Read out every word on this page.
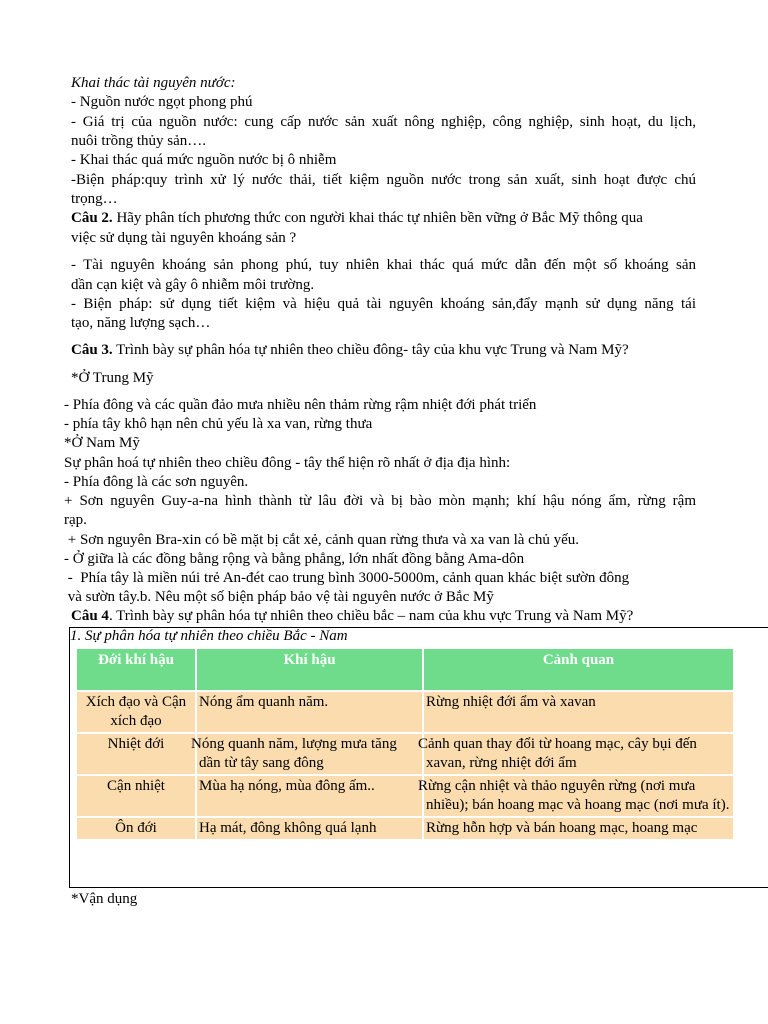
Khai thác tài nguyên nước:
- Nguồn nước ngọt phong phú
- Giá trị của nguồn nước: cung cấp nước sản xuất nông nghiệp, công nghiệp, sinh hoạt, du lịch,
nuôi trồng thủy sản….
- Khai thác quá mức nguồn nước bị ô nhiễm
-Biện pháp:quy trình xử lý nước thải, tiết kiệm nguồn nước trong sản xuất, sinh hoạt được chú
trọng…
Câu 2. Hãy phân tích phương thức con người khai thác tự nhiên bền vững ở Bắc Mỹ thông qua
việc sử dụng tài nguyên khoáng sản ?
- Tài nguyên khoáng sản phong phú, tuy nhiên khai thác quá mức dẫn đến một số khoáng sản
dần cạn kiệt và gây ô nhiễm môi trường.
- Biện pháp: sử dụng tiết kiệm và hiệu quả tài nguyên khoáng sản,đẩy mạnh sử dụng năng tái
tạo, năng lượng sạch…
Câu 3. Trình bày sự phân hóa tự nhiên theo chiều đông- tây của khu vực Trung và Nam Mỹ?
*Ở Trung Mỹ
- Phía đông và các quần đảo mưa nhiều nên thảm rừng rậm nhiệt đới phát triển
- phía tây khô hạn nên chủ yếu là xa van, rừng thưa
*Ở Nam Mỹ
Sự phân hoá tự nhiên theo chiều đông - tây thể hiện rõ nhất ở địa địa hình:
- Phía đông là các sơn nguyên.
+ Sơn nguyên Guy-a-na hình thành từ lâu đời và bị bào mòn mạnh; khí hậu nóng ẩm, rừng rậm
rạp.
+ Sơn nguyên Bra-xin có bề mặt bị cắt xẻ, cảnh quan rừng thưa và xa van là chủ yếu.
- Ở giữa là các đồng bằng rộng và bằng phẳng, lớn nhất đồng bằng Ama-dôn
-  Phía tây là miền núi trẻ An-đét cao trung bình 3000-5000m, cảnh quan khác biệt sườn đông
và sườn tây.b. Nêu một số biện pháp bảo vệ tài nguyên nước ở Bắc Mỹ
Câu 4. Trình bày sự phân hóa tự nhiên theo chiều bắc – nam của khu vực Trung và Nam Mỹ?
1. Sự phân hóa tự nhiên theo chiều Bắc - Nam
Đới khí hậu	Khí hậu	Cảnh quan
Xích đạo và Cận xích đạo	Nóng ẩm quanh năm.	Rừng nhiệt đới ẩm và xavan
Nhiệt đới	Nóng quanh năm, lượng mưa tăng dần từ tây sang đông	Cảnh quan thay đổi từ hoang mạc, cây bụi đến xavan, rừng nhiệt đới ẩm
Cận nhiệt	Mùa hạ nóng, mùa đông ấm..	Rừng cận nhiệt và thảo nguyên rừng (nơi mưa nhiều); bán hoang mạc và hoang mạc (nơi mưa ít).
Ôn đới	Hạ mát, đông không quá lạnh	Rừng hỗn hợp và bán hoang mạc, hoang mạc
*Vận dụng
